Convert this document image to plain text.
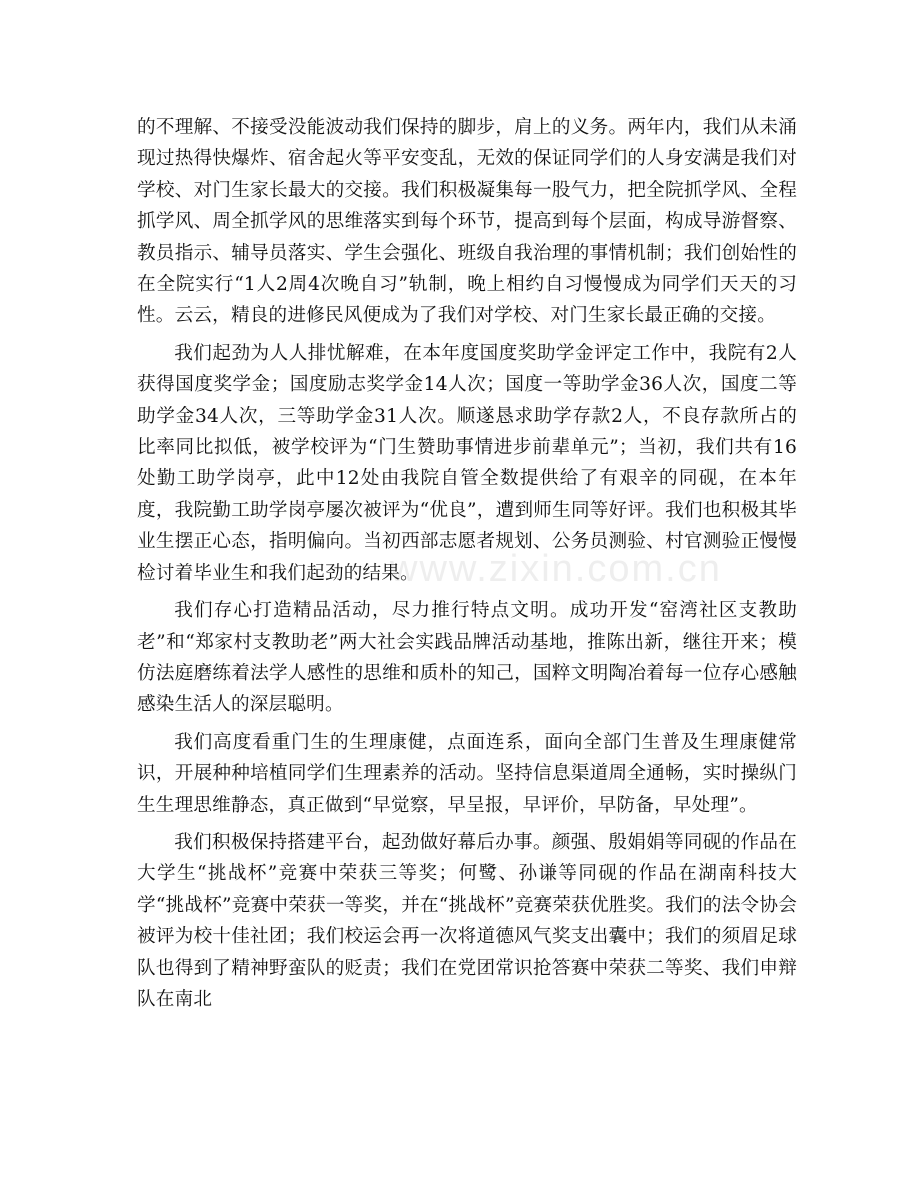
的不理解、不接受没能波动我们保持的脚步，肩上的义务。两年内，我们从未涌现过热得快爆炸、宿舍起火等平安变乱，无效的保证同学们的人身安满是我们对学校、对门生家长最大的交接。我们积极凝集每一股气力，把全院抓学风、全程抓学风、周全抓学风的思维落实到每个环节，提高到每个层面，构成导游督察、教员指示、辅导员落实、学生会强化、班级自我治理的事情机制；我们创始性的在全院实行“1人2周4次晚自习”轨制，晚上相约自习慢慢成为同学们天天的习性。云云，精良的进修民风便成为了我们对学校、对门生家长最正确的交接。

我们起劲为人人排忧解难，在本年度国度奖助学金评定工作中，我院有2人获得国度奖学金；国度励志奖学金14人次；国度一等助学金36人次，国度二等助学金34人次，三等助学金31人次。顺遂恳求助学存款2人，不良存款所占的比率同比拟低，被学校评为“门生赞助事情进步前辈单元”；当初，我们共有16处勤工助学岗亭，此中12处由我院自管全数提供给了有艰辛的同砚，在本年度，我院勤工助学岗亭屡次被评为“优良”，遭到师生同等好评。我们也积极其毕业生摆正心态，指明偏向。当初西部志愿者规划、公务员测验、村官测验正慢慢检讨着毕业生和我们起劲的结果。

我们存心打造精品活动，尽力推行特点文明。成功开发“窑湾社区支教助老”和“郑家村支教助老”两大社会实践品牌活动基地，推陈出新，继往开来；模仿法庭磨练着法学人感性的思维和质朴的知己，国粹文明陶冶着每一位存心感触感染生活人的深层聪明。

我们高度看重门生的生理康健，点面连系，面向全部门生普及生理康健常识，开展种种培植同学们生理素养的活动。坚持信息渠道周全通畅，实时操纵门生生理思维静态，真正做到“早觉察，早呈报，早评价，早防备，早处理”。

我们积极保持搭建平台，起劲做好幕后办事。颜强、殷娟娟等同砚的作品在大学生“挑战杯”竞赛中荣获三等奖；何鹭、孙谦等同砚的作品在湖南科技大学“挑战杯”竞赛中荣获一等奖，并在“挑战杯”竞赛荣获优胜奖。我们的法令协会被评为校十佳社团；我们校运会再一次将道德风气奖支出囊中；我们的须眉足球队也得到了精神野蛮队的贬责；我们在党团常识抢答赛中荣获二等奖、我们申辩队在南北

www.zixin.com.cn
